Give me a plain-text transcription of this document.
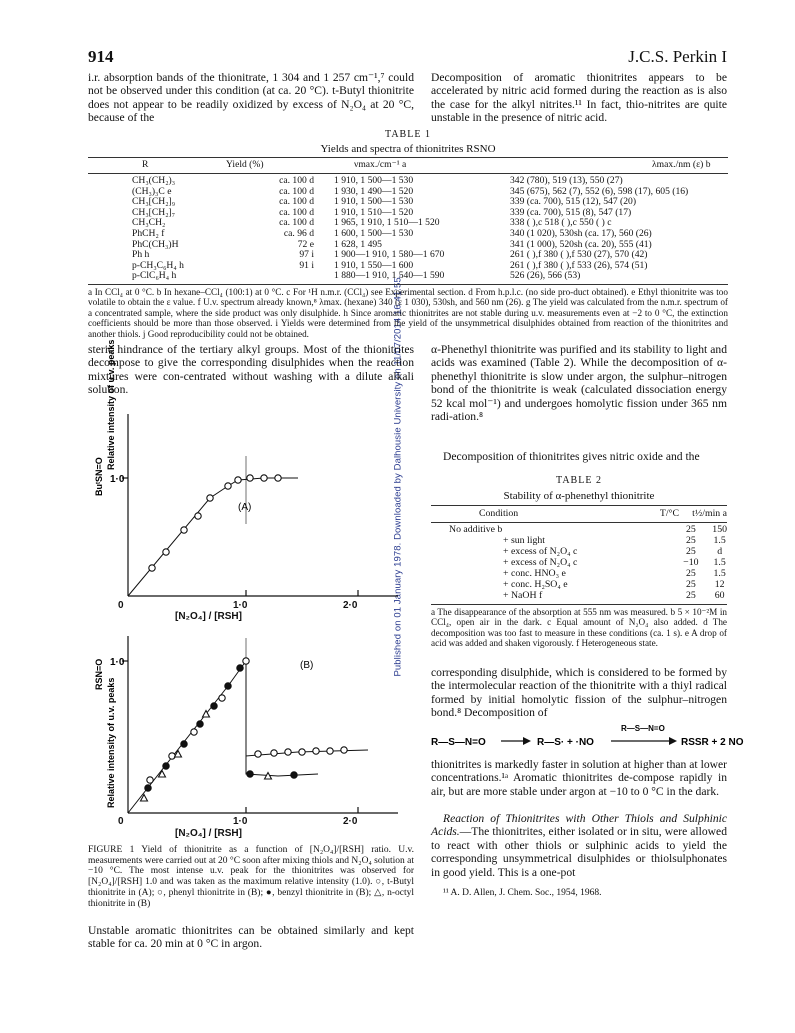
Published on 01 January 1978. Downloaded by Dalhousie University on 11/07/2014 16:41:55.
914	J.C.S. Perkin I
i.r. absorption bands of the thionitrate, 1 304 and 1 257 cm⁻¹,⁷ could not be observed under this condition (at ca. 20 °C). t-Butyl thionitrite does not appear to be readily oxidized by excess of N₂O₄ at 20 °C, because of the
Decomposition of aromatic thionitrites appears to be accelerated by nitric acid formed during the reaction as is also the case for the alkyl nitrites.¹¹ In fact, thio-nitrites are quite unstable in the presence of nitric acid.
TABLE 1
Yields and spectra of thionitrites RSNO
R	Yield (%)	νmax./cm⁻¹ a	λmax./nm (ε) b
CH₃(CH₂)₃	ca. 100 d	1 910, 1 500—1 530	342 (780), 519 (13), 550 (27)
(CH₃)₃C e	ca. 100 d	1 930, 1 490—1 520	345 (675), 562 (7), 552 (6), 598 (17), 605 (16)
CH₃[CH₂]₉	ca. 100 d	1 910, 1 500—1 530	339 (ca. 700), 515 (12), 547 (20)
CH₃[CH₂]₇	ca. 100 d	1 910, 1 510—1 520	339 (ca. 700), 515 (8), 547 (17)
CH₃CH₂	ca. 100 d	1 965, 1 910, 1 510—1 520	338 ( ),c 518 ( ),c 550 ( ) c
PhCH₂ f	ca. 96 d	1 600, 1 500—1 530	340 (1 020), 530sh (ca. 17), 560 (26)
PhC(CH₃)H	72 e	1 628, 1 495	341 (1 000), 520sh (ca. 20), 555 (41)
Ph h	97 i	1 900—1 910, 1 580—1 670	261 ( ),f 380 ( ),f 530 (27), 570 (42)
p-CH₃C₆H₄ h	91 i	1 910, 1 550—1 600	261 ( ),f 380 ( ),f 533 (26), 574 (51)
p-ClC₆H₄ h		1 880—1 910, 1 540—1 590	526 (26), 566 (53)
a In CCl₄ at 0 °C. b In hexane–CCl₄ (100:1) at 0 °C. c For ¹H n.m.r. (CCl₄) see Experimental section. d From h.p.l.c. (no side pro-duct obtained). e Ethyl thionitrite was too volatile to obtain the ε value. f U.v. spectrum already known,⁸ λmax. (hexane) 340 (ε 1 030), 530sh, and 560 nm (26). g The yield was calculated from the n.m.r. spectrum of a concentrated sample, where the side product was only disulphide. h Since aromatic thionitrites are not stable during u.v. measurements even at −2 to 0 °C, the extinction coefficients should be more than those observed. i Yields were determined from the yield of the unsymmetrical disulphides obtained from reaction of the thionitrites and another thiols. j Good reproducibility could not be obtained.
steric hindrance of the tertiary alkyl groups. Most of the thionitrites decompose to give the corresponding disulphides when the reaction mixtures were con-centrated without washing with a dilute alkali solution.
(A)
1·0
Relative intensity of u.v. peaks
BuᵗSN=O
0	1·0	2·0
[N₂O₄] / [RSH]
(B)
1·0
Relative intensity of u.v. peaks
RSN=O
0	1·0	2·0
[N₂O₄] / [RSH]
FIGURE 1 Yield of thionitrite as a function of [N₂O₄]/[RSH] ratio. U.v. measurements were carried out at 20 °C soon after mixing thiols and N₂O₄ solution at −10 °C. The most intense u.v. peak for the thionitrites was observed for [N₂O₄]/[RSH] 1.0 and was taken as the maximum relative intensity (1.0). ○, t-Butyl thionitrite in (A); ○, phenyl thionitrite in (B); ●, benzyl thionitrite in (B); △, n-octyl thionitrite in (B)
Unstable aromatic thionitrites can be obtained similarly and kept stable for ca. 20 min at 0 °C in argon.
α-Phenethyl thionitrite was purified and its stability to light and acids was examined (Table 2). While the decomposition of α-phenethyl thionitrite is slow under argon, the sulphur–nitrogen bond of the thionitrite is weak (calculated dissociation energy 52 kcal mol⁻¹) and undergoes homolytic fission under 365 nm radi-ation.⁸
Decomposition of thionitrites gives nitric oxide and the
TABLE 2
Stability of α-phenethyl thionitrite
Condition	T/°C	t½/min a
No additive b	25	150
+ sun light	25	1.5
+ excess of N₂O₄ c	25	d
+ excess of N₂O₄ c	−10	1.5
+ conc. HNO₃ e	25	1.5
+ conc. H₂SO₄ e	25	12
+ NaOH f	25	60
a The disappearance of the absorption at 555 nm was measured. b 5 × 10⁻²M in CCl₄, open air in the dark. c Equal amount of N₂O₄ also added. d The decomposition was too fast to measure in these conditions (ca. 1 s). e A drop of acid was added and shaken vigorously. f Heterogeneous state.
corresponding disulphide, which is considered to be formed by the intermolecular reaction of the thionitrite with a thiyl radical formed by initial homolytic fission of the sulphur–nitrogen bond.⁸ Decomposition of
R—S—N=O	R—S· + ·NO
R—S—N=O
RSSR + 2 NO
thionitrites is markedly faster in solution at higher than at lower concentrations.¹ᵃ Aromatic thionitrites de-compose rapidly in air, but are more stable under argon at −10 to 0 °C in the dark.
Reaction of Thionitrites with Other Thiols and Sulphinic Acids.—The thionitrites, either isolated or in situ, were allowed to react with other thiols or sulphinic acids to yield the corresponding unsymmetrical disulphides or thiolsulphonates in good yield. This is a one-pot
¹¹ A. D. Allen, J. Chem. Soc., 1954, 1968.
